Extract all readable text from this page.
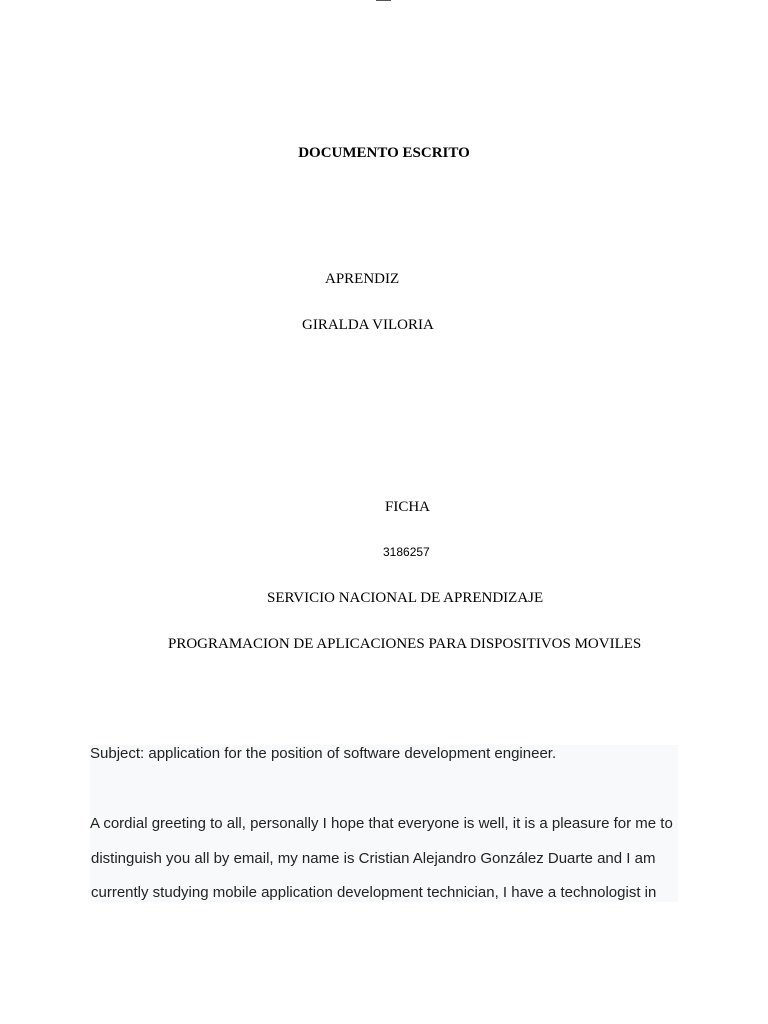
DOCUMENTO ESCRITO
APRENDIZ
GIRALDA VILORIA
FICHA
3186257
SERVICIO NACIONAL DE APRENDIZAJE
PROGRAMACION DE APLICACIONES PARA DISPOSITIVOS MOVILES
Subject: application for the position of software development engineer.
A cordial greeting to all, personally I hope that everyone is well, it is a pleasure for me to
distinguish you all by email, my name is Cristian Alejandro González Duarte and I am
currently studying mobile application development technician, I have a technologist in
